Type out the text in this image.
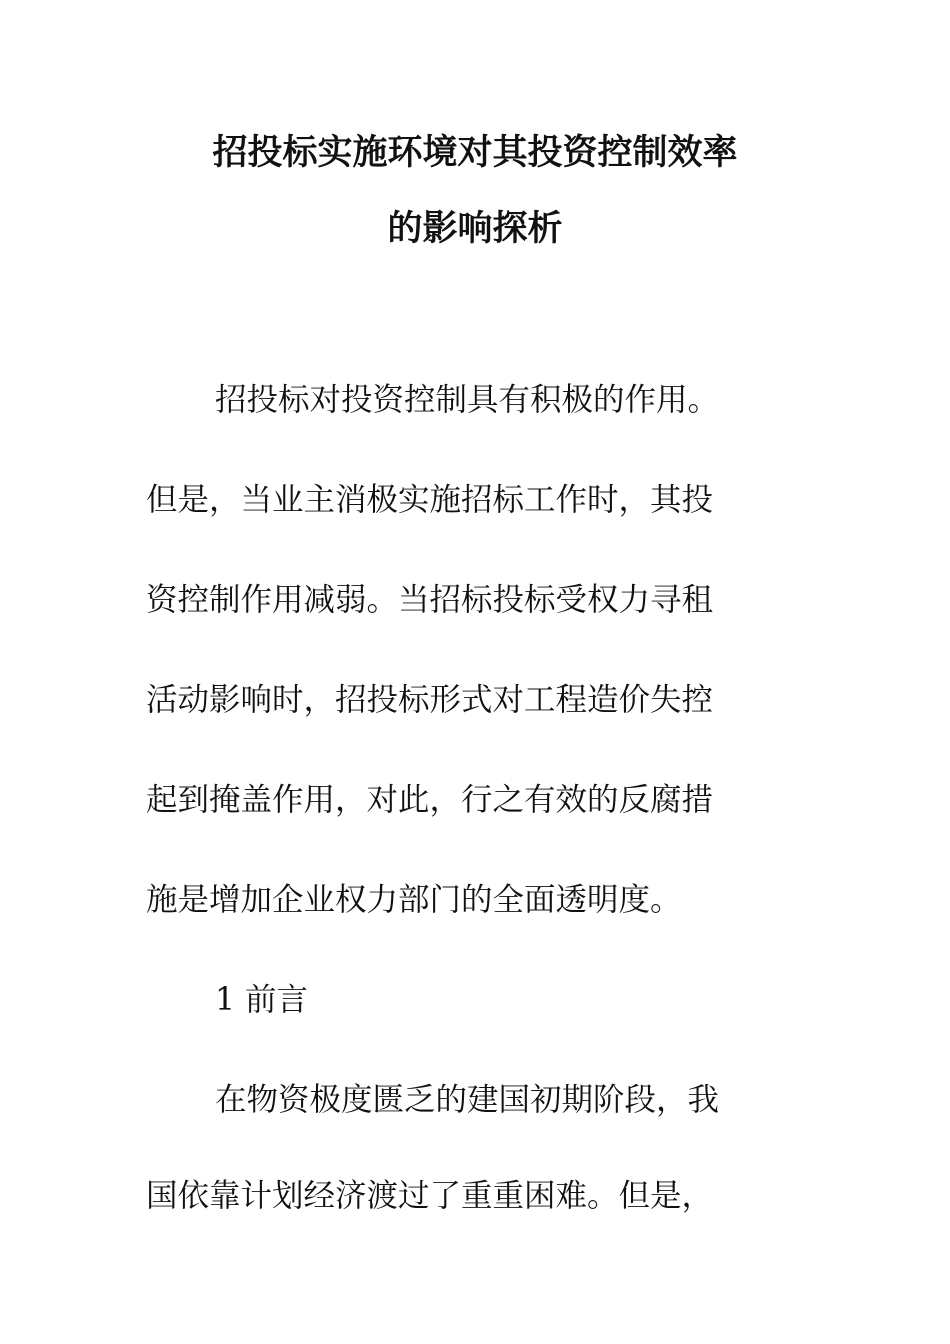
招投标实施环境对其投资控制效率
的影响探析
招投标对投资控制具有积极的作用。
但是，当业主消极实施招标工作时，其投
资控制作用减弱。当招标投标受权力寻租
活动影响时，招投标形式对工程造价失控
起到掩盖作用，对此，行之有效的反腐措
施是增加企业权力部门的全面透明度。
1 前言
在物资极度匮乏的建国初期阶段，我
国依靠计划经济渡过了重重困难。但是，
